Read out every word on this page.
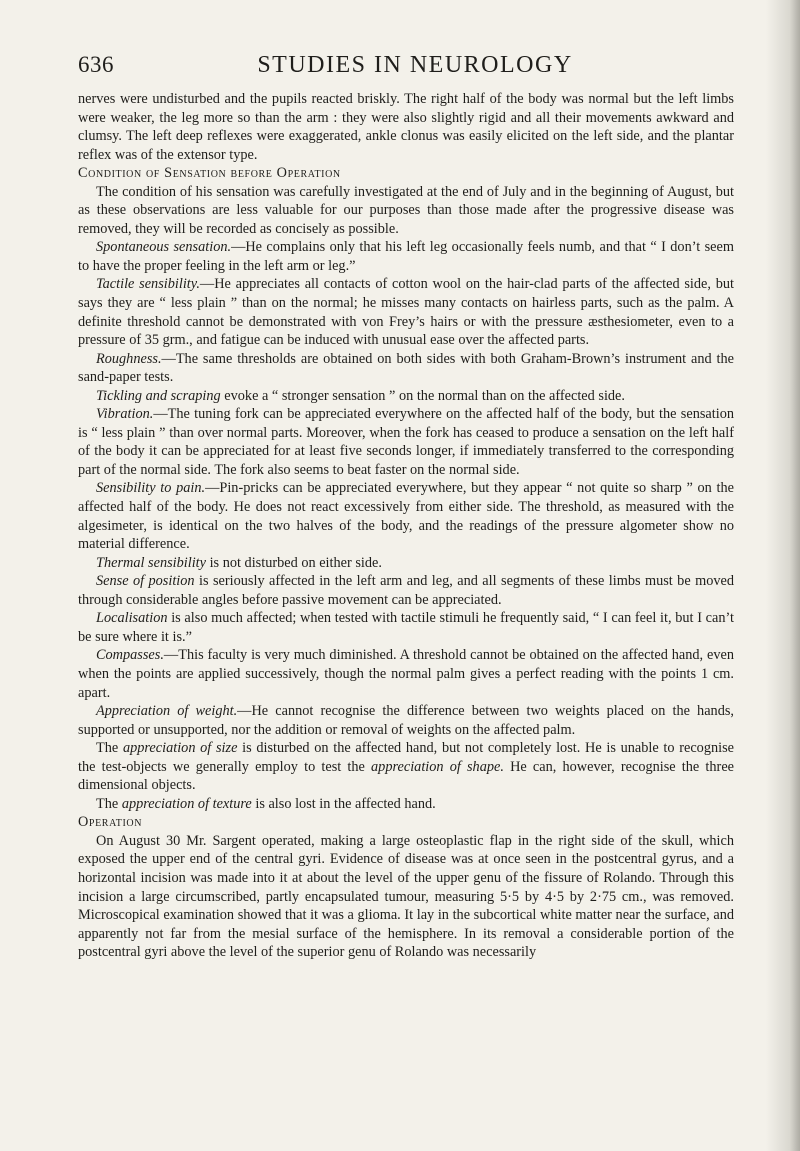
636	STUDIES IN NEUROLOGY

nerves were undisturbed and the pupils reacted briskly. The right half of the body was normal but the left limbs were weaker, the leg more so than the arm : they were also slightly rigid and all their movements awkward and clumsy. The left deep reflexes were exaggerated, ankle clonus was easily elicited on the left side, and the plantar reflex was of the extensor type.

Condition of Sensation before Operation

The condition of his sensation was carefully investigated at the end of July and in the beginning of August, but as these observations are less valuable for our purposes than those made after the progressive disease was removed, they will be recorded as concisely as possible.

Spontaneous sensation.—He complains only that his left leg occasionally feels numb, and that “ I don’t seem to have the proper feeling in the left arm or leg.”

Tactile sensibility.—He appreciates all contacts of cotton wool on the hair-clad parts of the affected side, but says they are “ less plain ” than on the normal; he misses many contacts on hairless parts, such as the palm. A definite threshold cannot be demonstrated with von Frey’s hairs or with the pressure æsthesiometer, even to a pressure of 35 grm., and fatigue can be induced with unusual ease over the affected parts.

Roughness.—The same thresholds are obtained on both sides with both Graham-Brown’s instrument and the sand-paper tests.

Tickling and scraping evoke a “ stronger sensation ” on the normal than on the affected side.

Vibration.—The tuning fork can be appreciated everywhere on the affected half of the body, but the sensation is “ less plain ” than over normal parts. Moreover, when the fork has ceased to produce a sensation on the left half of the body it can be appreciated for at least five seconds longer, if immediately transferred to the corresponding part of the normal side. The fork also seems to beat faster on the normal side.

Sensibility to pain.—Pin-pricks can be appreciated everywhere, but they appear “ not quite so sharp ” on the affected half of the body. He does not react excessively from either side. The threshold, as measured with the algesimeter, is identical on the two halves of the body, and the readings of the pressure algometer show no material difference.

Thermal sensibility is not disturbed on either side.

Sense of position is seriously affected in the left arm and leg, and all segments of these limbs must be moved through considerable angles before passive movement can be appreciated.

Localisation is also much affected; when tested with tactile stimuli he frequently said, “ I can feel it, but I can’t be sure where it is.”

Compasses.—This faculty is very much diminished. A threshold cannot be obtained on the affected hand, even when the points are applied successively, though the normal palm gives a perfect reading with the points 1 cm. apart.

Appreciation of weight.—He cannot recognise the difference between two weights placed on the hands, supported or unsupported, nor the addition or removal of weights on the affected palm.

The appreciation of size is disturbed on the affected hand, but not completely lost. He is unable to recognise the test-objects we generally employ to test the appreciation of shape. He can, however, recognise the three dimensional objects.

The appreciation of texture is also lost in the affected hand.

Operation

On August 30 Mr. Sargent operated, making a large osteoplastic flap in the right side of the skull, which exposed the upper end of the central gyri. Evidence of disease was at once seen in the postcentral gyrus, and a horizontal incision was made into it at about the level of the upper genu of the fissure of Rolando. Through this incision a large circumscribed, partly encapsulated tumour, measuring 5·5 by 4·5 by 2·75 cm., was removed. Microscopical examination showed that it was a glioma. It lay in the subcortical white matter near the surface, and apparently not far from the mesial surface of the hemisphere. In its removal a considerable portion of the postcentral gyri above the level of the superior genu of Rolando was necessarily
